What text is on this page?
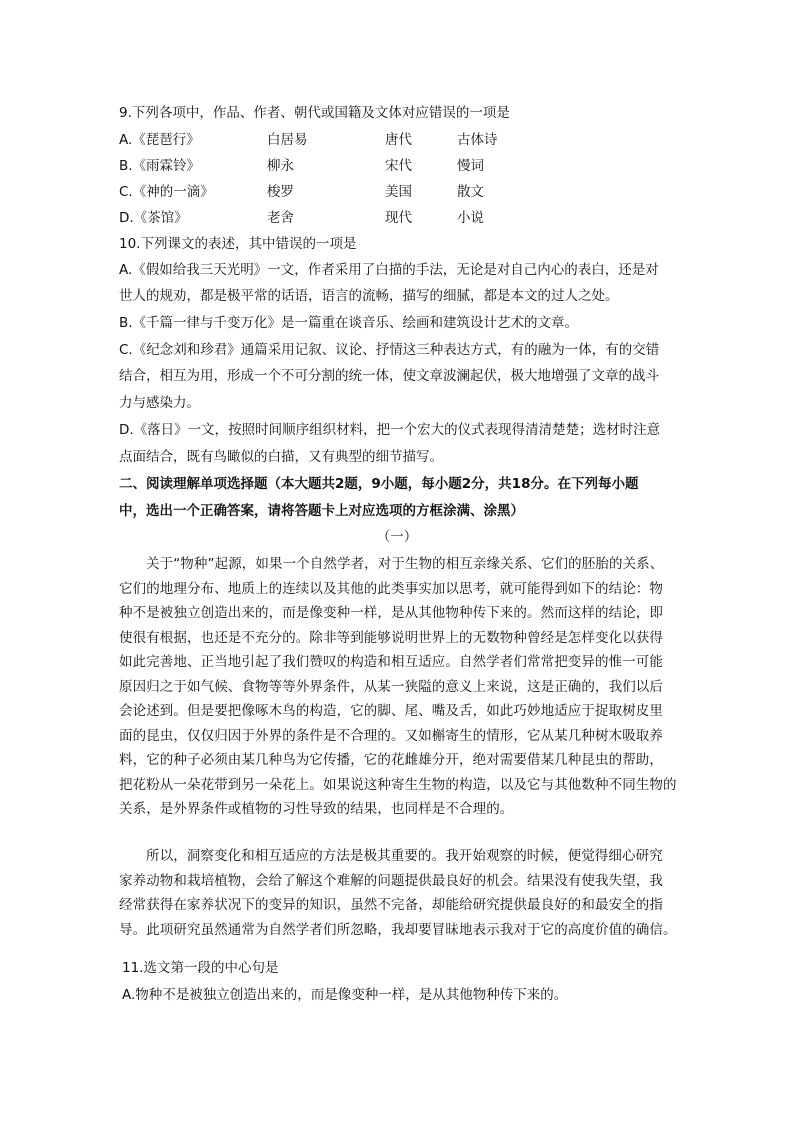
9.下列各项中，作品、作者、朝代或国籍及文体对应错误的一项是
A.《琵琶行》	白居易	唐代	古体诗
B.《雨霖铃》	柳永	宋代	慢词
C.《神的一滴》	梭罗	美国	散文
D.《茶馆》	老舍	现代	小说
10.下列课文的表述，其中错误的一项是
A.《假如给我三天光明》一文，作者采用了白描的手法，无论是对自己内心的表白，还是对
世人的规劝，都是极平常的话语，语言的流畅，描写的细腻，都是本文的过人之处。
B.《千篇一律与千变万化》是一篇重在谈音乐、绘画和建筑设计艺术的文章。
C.《纪念刘和珍君》通篇采用记叙、议论、抒情这三种表达方式，有的融为一体，有的交错
结合，相互为用，形成一个不可分割的统一体，使文章波澜起伏，极大地增强了文章的战斗
力与感染力。
D.《落日》一文，按照时间顺序组织材料，把一个宏大的仪式表现得清清楚楚；选材时注意
点面结合，既有鸟瞰似的白描，又有典型的细节描写。
二、阅读理解单项选择题（本大题共2题，9小题，每小题2分，共18分。在下列每小题
中，选出一个正确答案，请将答题卡上对应选项的方框涂满、涂黑）
（一）
关于“物种”起源，如果一个自然学者，对于生物的相互亲缘关系、它们的胚胎的关系、
它们的地理分布、地质上的连续以及其他的此类事实加以思考，就可能得到如下的结论：物
种不是被独立创造出来的，而是像变种一样，是从其他物种传下来的。然而这样的结论，即
使很有根据，也还是不充分的。除非等到能够说明世界上的无数物种曾经是怎样变化以获得
如此完善地、正当地引起了我们赞叹的构造和相互适应。自然学者们常常把变异的惟一可能
原因归之于如气候、食物等等外界条件，从某一狭隘的意义上来说，这是正确的，我们以后
会论述到。但是要把像啄木鸟的构造，它的脚、尾、嘴及舌，如此巧妙地适应于捉取树皮里
面的昆虫，仅仅归因于外界的条件是不合理的。又如槲寄生的情形，它从某几种树木吸取养
料，它的种子必须由某几种鸟为它传播，它的花雌雄分开，绝对需要借某几种昆虫的帮助，
把花粉从一朵花带到另一朵花上。如果说这种寄生生物的构造，以及它与其他数种不同生物的
关系，是外界条件或植物的习性导致的结果，也同样是不合理的。
所以，洞察变化和相互适应的方法是极其重要的。我开始观察的时候，便觉得细心研究
家养动物和栽培植物，会给了解这个难解的问题提供最良好的机会。结果没有使我失望，我
经常获得在家养状况下的变异的知识，虽然不完备，却能给研究提供最良好的和最安全的指
导。此项研究虽然通常为自然学者们所忽略，我却要冒昧地表示我对于它的高度价值的确信。
11.选文第一段的中心句是
A.物种不是被独立创造出来的，而是像变种一样，是从其他物种传下来的。
